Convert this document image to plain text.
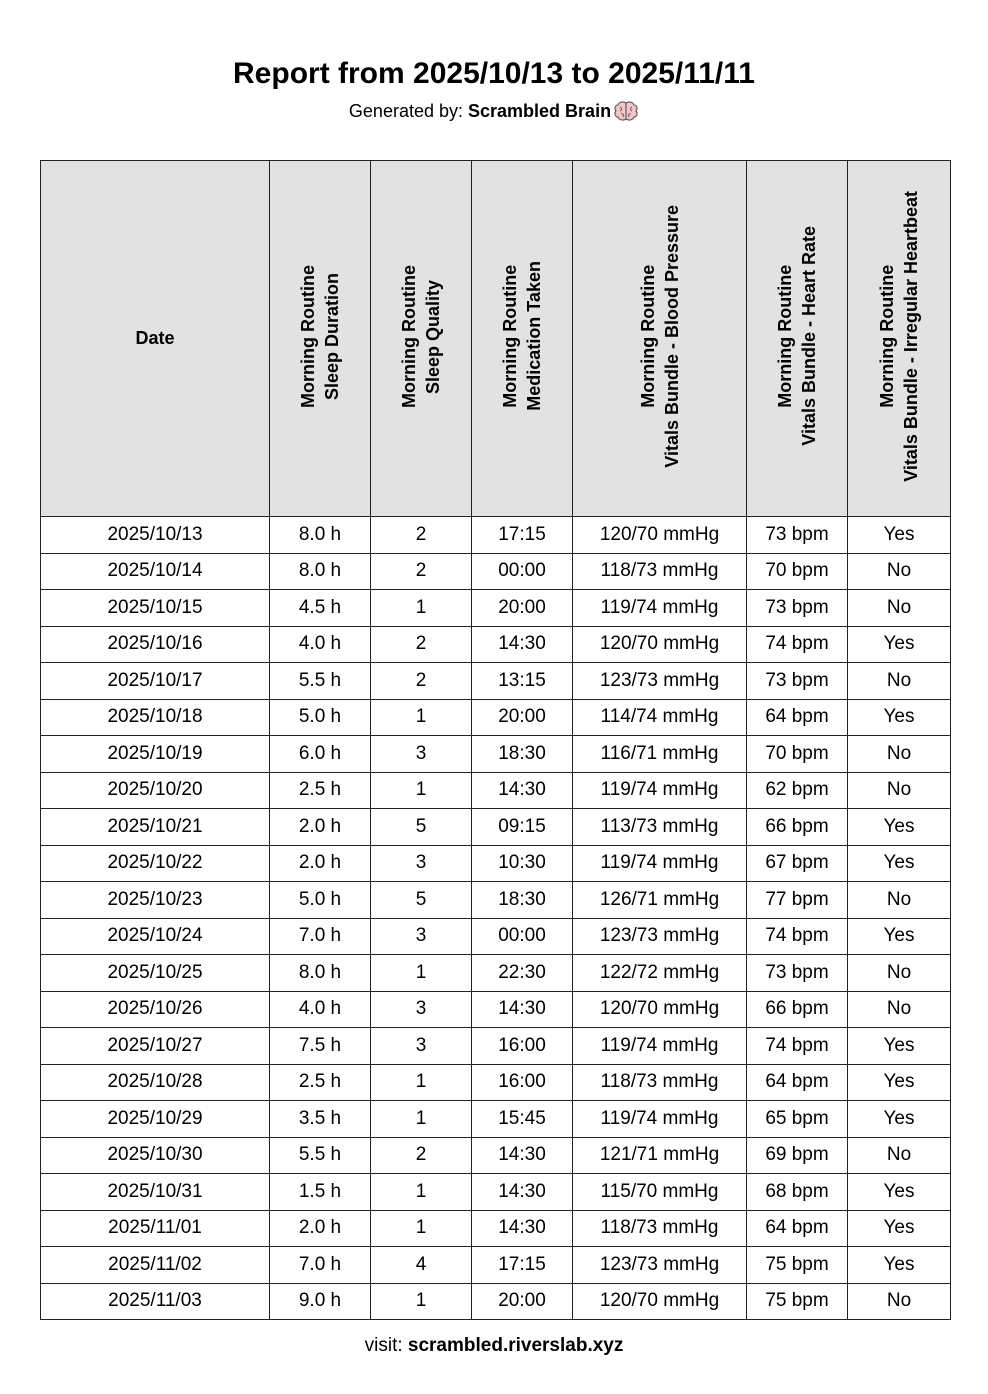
Report from 2025/10/13 to 2025/11/11
Generated by: Scrambled Brain
Date	Morning Routine Sleep Duration	Morning Routine Sleep Quality	Morning Routine Medication Taken	Morning Routine Vitals Bundle - Blood Pressure	Morning Routine Vitals Bundle - Heart Rate	Morning Routine Vitals Bundle - Irregular Heartbeat

2025/10/13	8.0 h	2	17:15	120/70 mmHg	73 bpm	Yes
2025/10/14	8.0 h	2	00:00	118/73 mmHg	70 bpm	No
2025/10/15	4.5 h	1	20:00	119/74 mmHg	73 bpm	No
2025/10/16	4.0 h	2	14:30	120/70 mmHg	74 bpm	Yes
2025/10/17	5.5 h	2	13:15	123/73 mmHg	73 bpm	No
2025/10/18	5.0 h	1	20:00	114/74 mmHg	64 bpm	Yes
2025/10/19	6.0 h	3	18:30	116/71 mmHg	70 bpm	No
2025/10/20	2.5 h	1	14:30	119/74 mmHg	62 bpm	No
2025/10/21	2.0 h	5	09:15	113/73 mmHg	66 bpm	Yes
2025/10/22	2.0 h	3	10:30	119/74 mmHg	67 bpm	Yes
2025/10/23	5.0 h	5	18:30	126/71 mmHg	77 bpm	No
2025/10/24	7.0 h	3	00:00	123/73 mmHg	74 bpm	Yes
2025/10/25	8.0 h	1	22:30	122/72 mmHg	73 bpm	No
2025/10/26	4.0 h	3	14:30	120/70 mmHg	66 bpm	No
2025/10/27	7.5 h	3	16:00	119/74 mmHg	74 bpm	Yes
2025/10/28	2.5 h	1	16:00	118/73 mmHg	64 bpm	Yes
2025/10/29	3.5 h	1	15:45	119/74 mmHg	65 bpm	Yes
2025/10/30	5.5 h	2	14:30	121/71 mmHg	69 bpm	No
2025/10/31	1.5 h	1	14:30	115/70 mmHg	68 bpm	Yes
2025/11/01	2.0 h	1	14:30	118/73 mmHg	64 bpm	Yes
2025/11/02	7.0 h	4	17:15	123/73 mmHg	75 bpm	Yes
2025/11/03	9.0 h	1	20:00	120/70 mmHg	75 bpm	No
visit: scrambled.riverslab.xyz
